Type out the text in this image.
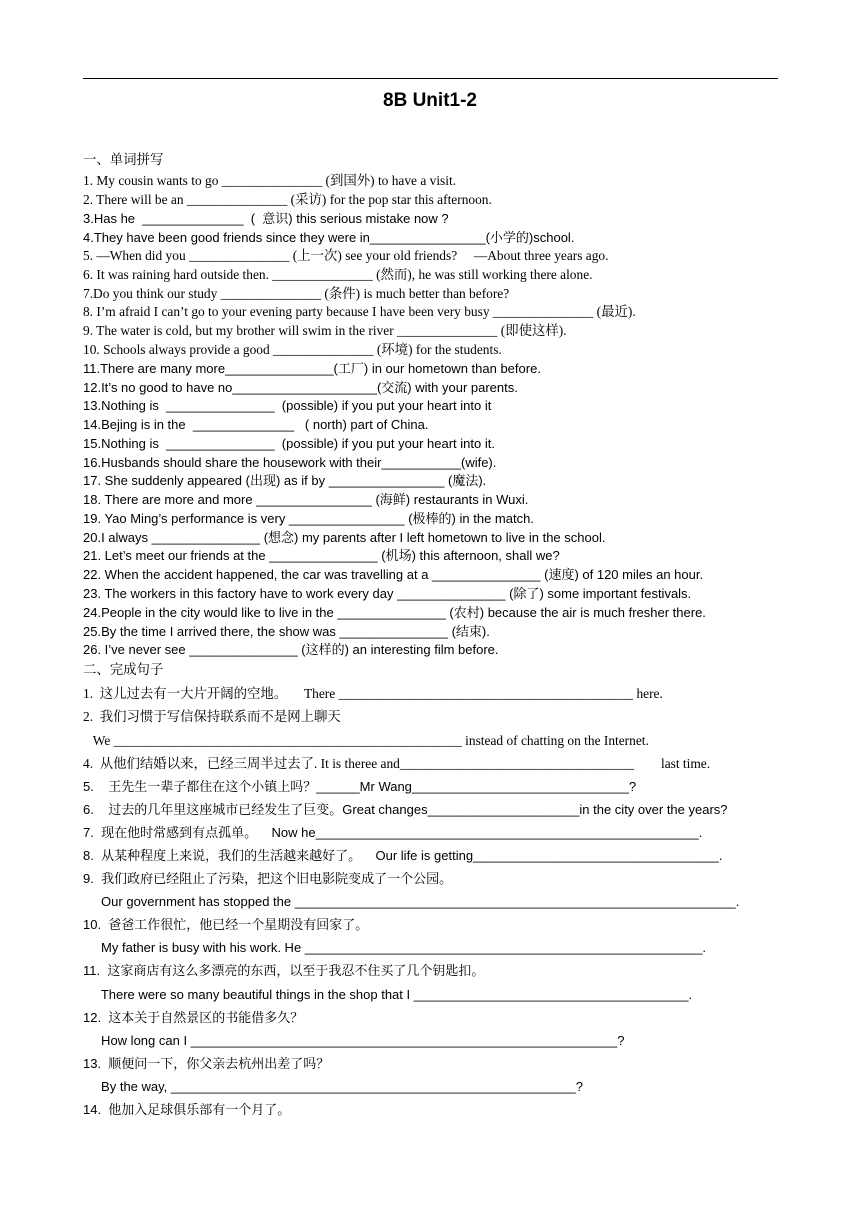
8B Unit1-2
一、单词拼写
1. My cousin wants to go _______________ (到国外) to have a visit.
2. There will be an _______________ (采访) for the pop star this afternoon.
3.Has he  ______________  (  意识) this serious mistake now ?
4.They have been good friends since they were in________________(小学的)school.
5. —When did you _______________ (上一次) see your old friends?     —About three years ago.
6. It was raining hard outside then. _______________ (然而), he was still working there alone.
7.Do you think our study _______________ (条件) is much better than before?
8. I’m afraid I can’t go to your evening party because I have been very busy _______________ (最近).
9. The water is cold, but my brother will swim in the river _______________ (即使这样).
10. Schools always provide a good _______________ (环境) for the students.
11.There are many more_______________(工厂) in our hometown than before.
12.It’s no good to have no____________________(交流) with your parents.
13.Nothing is  _______________  (possible) if you put your heart into it
14.Bejing is in the  ______________   ( north) part of China.
15.Nothing is  _______________  (possible) if you put your heart into it.
16.Husbands should share the housework with their___________(wife).
17. She suddenly appeared (出现) as if by ________________ (魔法).
18. There are more and more ________________ (海鲜) restaurants in Wuxi.
19. Yao Ming’s performance is very ________________ (极棒的) in the match.
20.I always _______________ (想念) my parents after I left hometown to live in the school.
21. Let’s meet our friends at the _______________ (机场) this afternoon, shall we?
22. When the accident happened, the car was travelling at a _______________ (速度) of 120 miles an hour.
23. The workers in this factory have to work every day _______________ (除了) some important festivals.
24.People in the city would like to live in the _______________ (农村) because the air is much fresher there.
25.By the time I arrived there, the show was _______________ (结束).
26. I’ve never see _______________ (这样的) an interesting film before.
二、完成句子
1.  这儿过去有一大片开阔的空地。     There ____________________________________________ here.
2.  我们习惯于写信保持联系而不是网上聊天
We ____________________________________________________ instead of chatting on the Internet.
4.  从他们结婚以来，已经三周半过去了. It is theree and___________________________________        last time.
5.    王先生一辈子都住在这个小镇上吗？______Mr Wang______________________________?
6.    过去的几年里这座城市已经发生了巨变。Great changes_____________________in the city over the years?
7.  现在他时常感到有点孤单。    Now he_____________________________________________________.
8.  从某种程度上来说，我们的生活越来越好了。    Our life is getting__________________________________.
9.  我们政府已经阻止了污染，把这个旧电影院变成了一个公园。
Our government has stopped the _____________________________________________________________.
10.  爸爸工作很忙，他已经一个星期没有回家了。
My father is busy with his work. He _______________________________________________________.
11.  这家商店有这么多漂亮的东西，以至于我忍不住买了几个钥匙扣。
There were so many beautiful things in the shop that I ______________________________________.
12.  这本关于自然景区的书能借多久？
How long can I ___________________________________________________________?
13.  顺便问一下，你父亲去杭州出差了吗？
By the way, ________________________________________________________?
14.  他加入足球俱乐部有一个月了。
